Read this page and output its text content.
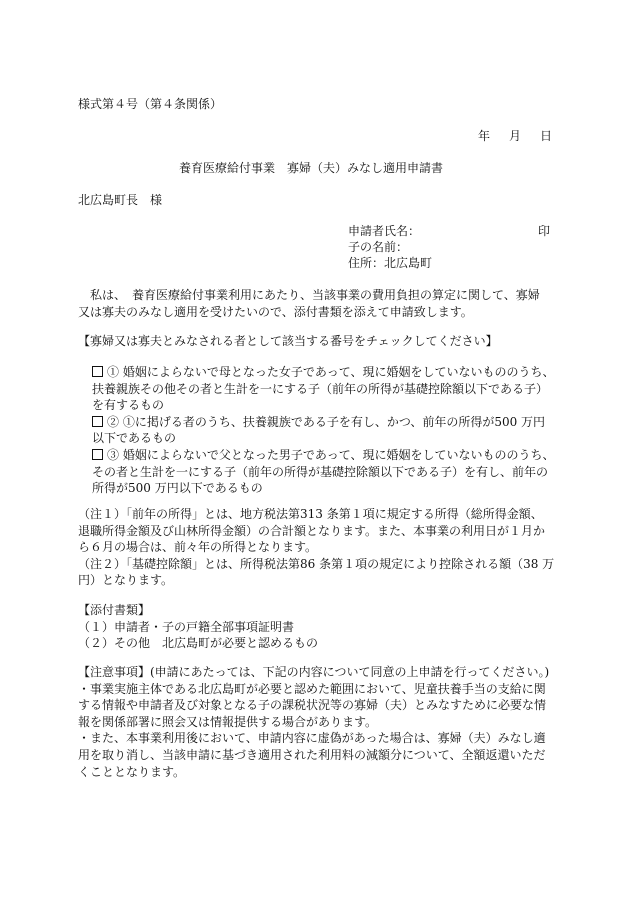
様式第４号（第４条関係）
年 月 日
養育医療給付事業　寡婦（夫）みなし適用申請書
北広島町長　様
申請者氏名：	印
子の名前：
住所：北広島町
　私は、　養育医療給付事業利用にあたり、当該事業の費用負担の算定に関して、寡婦
又は寡夫のみなし適用を受けたいので、添付書類を添えて申請致します。
【寡婦又は寡夫とみなされる者として該当する番号をチェックしてください】
① 婚姻によらないで母となった女子であって、現に婚姻をしていないもののうち、
扶養親族その他その者と生計を一にする子（前年の所得が基礎控除額以下である子）
を有するもの
② ①に掲げる者のうち、扶養親族である子を有し、かつ、前年の所得が500 万円
以下であるもの
③ 婚姻によらないで父となった男子であって、現に婚姻をしていないもののうち、
その者と生計を一にする子（前年の所得が基礎控除額以下である子）を有し、前年の
所得が500 万円以下であるもの
（注１）「前年の所得」とは、地方税法第313 条第１項に規定する所得（総所得金額、
退職所得金額及び山林所得金額）の合計額となります。また、本事業の利用日が１月か
ら６月の場合は、前々年の所得となります。
（注２）「基礎控除額」とは、所得税法第86 条第１項の規定により控除される額（38 万
円）となります。
【添付書類】
（１）申請者・子の戸籍全部事項証明書
（２）その他　北広島町が必要と認めるもの
【注意事項】(申請にあたっては、下記の内容について同意の上申請を行ってください。)
・事業実施主体である北広島町が必要と認めた範囲において、児童扶養手当の支給に関
する情報や申請者及び対象となる子の課税状況等の寡婦（夫）とみなすために必要な情
報を関係部署に照会又は情報提供する場合があります。
・また、本事業利用後において、申請内容に虚偽があった場合は、寡婦（夫）みなし適
用を取り消し、当該申請に基づき適用された利用料の減額分について、全額返還いただ
くこととなります。
